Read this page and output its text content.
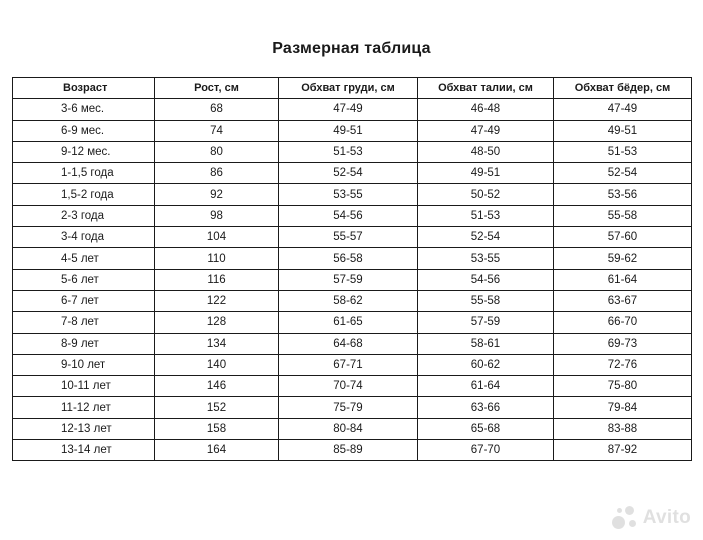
Размерная таблица
Возраст	Рост, см	Обхват груди, см	Обхват талии, см	Обхват бёдер, см
3-6 мес.	68	47-49	46-48	47-49
6-9 мес.	74	49-51	47-49	49-51
9-12 мес.	80	51-53	48-50	51-53
1-1,5 года	86	52-54	49-51	52-54
1,5-2 года	92	53-55	50-52	53-56
2-3 года	98	54-56	51-53	55-58
3-4 года	104	55-57	52-54	57-60
4-5 лет	110	56-58	53-55	59-62
5-6 лет	116	57-59	54-56	61-64
6-7 лет	122	58-62	55-58	63-67
7-8 лет	128	61-65	57-59	66-70
8-9 лет	134	64-68	58-61	69-73
9-10 лет	140	67-71	60-62	72-76
10-11 лет	146	70-74	61-64	75-80
11-12 лет	152	75-79	63-66	79-84
12-13 лет	158	80-84	65-68	83-88
13-14 лет	164	85-89	67-70	87-92
Avito
